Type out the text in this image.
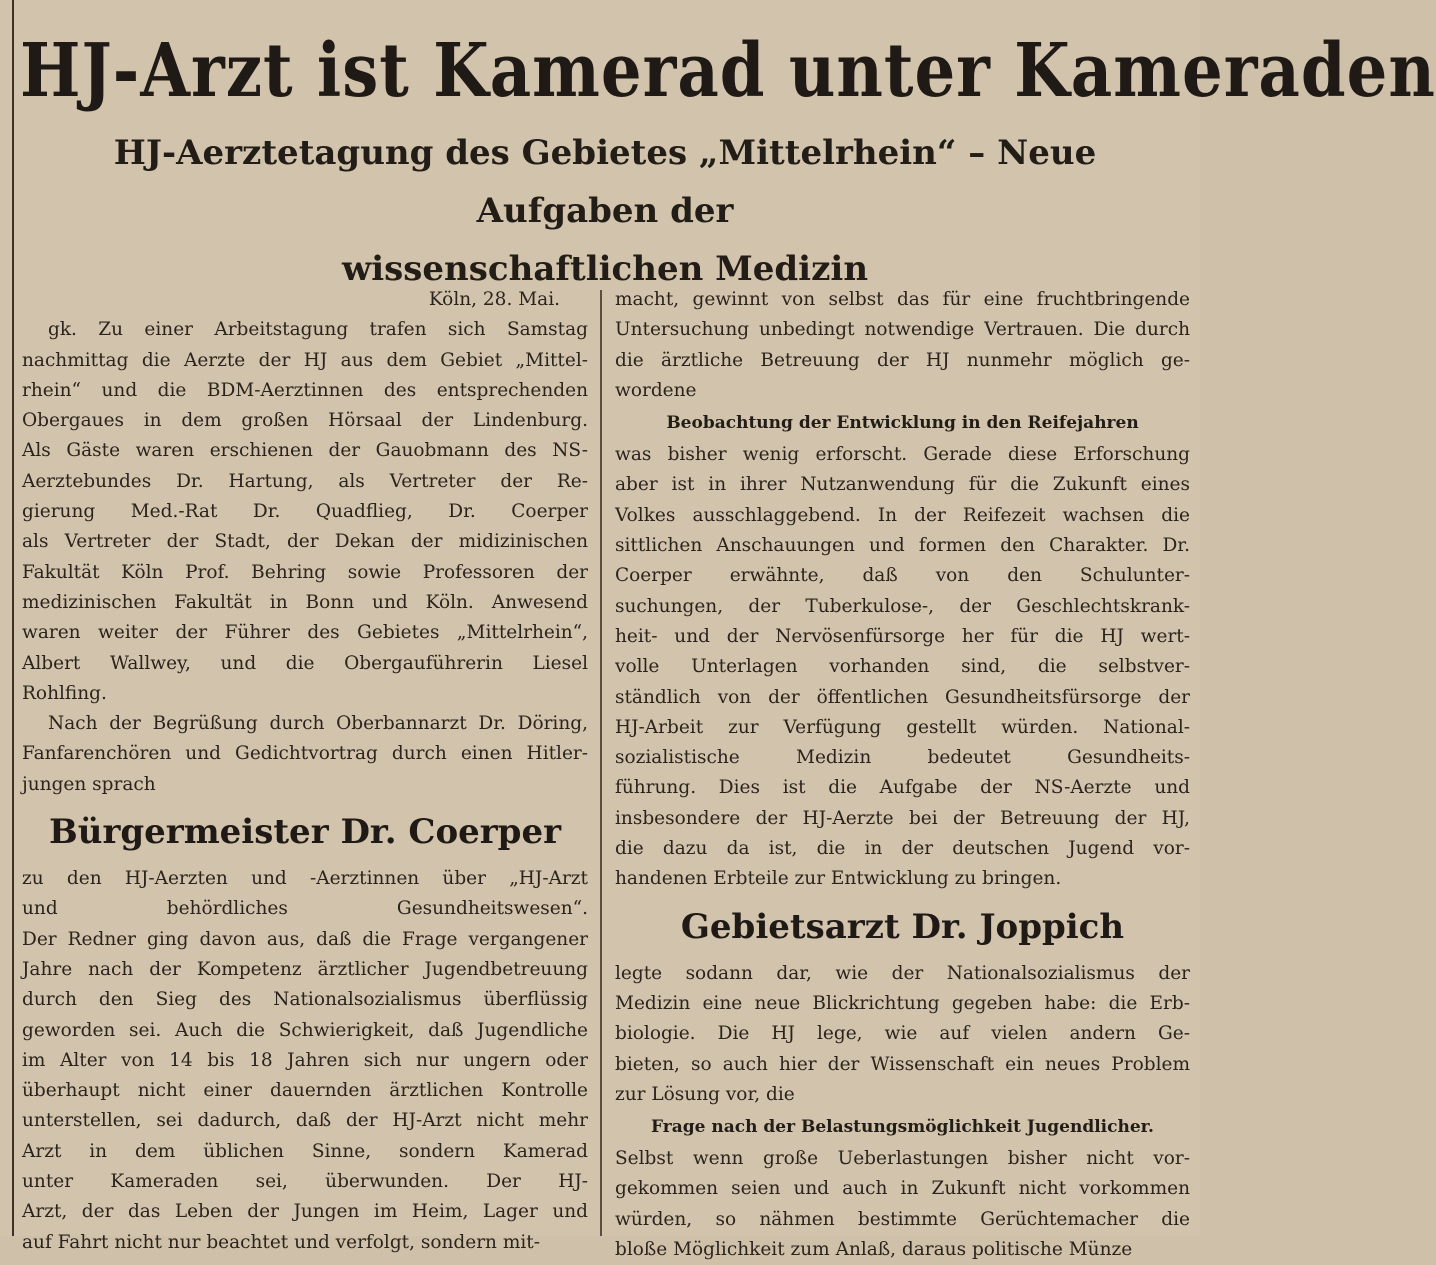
HJ-Arzt ist Kamerad unter Kameraden
HJ-Aerztetagung des Gebietes „Mittelrhein“ – Neue Aufgaben der
wissenschaftlichen Medizin
Köln, 28. Mai.
gk. Zu einer Arbeitstagung trafen sich Samstag
nachmittag die Aerzte der HJ aus dem Gebiet „Mittel-
rhein“ und die BDM-Aerztinnen des entsprechenden
Obergaues in dem großen Hörsaal der Lindenburg.
Als Gäste waren erschienen der Gauobmann des NS-
Aerztebundes Dr. Hartung, als Vertreter der Re-
gierung Med.-Rat Dr. Quadflieg, Dr. Coerper
als Vertreter der Stadt, der Dekan der midizinischen
Fakultät Köln Prof. Behring sowie Professoren der
medizinischen Fakultät in Bonn und Köln. Anwesend
waren weiter der Führer des Gebietes „Mittelrhein“,
Albert Wallwey, und die Obergauführerin Liesel
Rohlfing.
Nach der Begrüßung durch Oberbannarzt Dr. Döring,
Fanfarenchören und Gedichtvortrag durch einen Hitler-
jungen sprach
Bürgermeister Dr. Coerper
zu den HJ-Aerzten und -Aerztinnen über „HJ-Arzt
und behördliches Gesundheitswesen“.
Der Redner ging davon aus, daß die Frage vergangener
Jahre nach der Kompetenz ärztlicher Jugendbetreuung
durch den Sieg des Nationalsozialismus überflüssig
geworden sei. Auch die Schwierigkeit, daß Jugendliche
im Alter von 14 bis 18 Jahren sich nur ungern oder
überhaupt nicht einer dauernden ärztlichen Kontrolle
unterstellen, sei dadurch, daß der HJ-Arzt nicht mehr
Arzt in dem üblichen Sinne, sondern Kamerad
unter Kameraden sei, überwunden. Der HJ-
Arzt, der das Leben der Jungen im Heim, Lager und
auf Fahrt nicht nur beachtet und verfolgt, sondern mit-
macht, gewinnt von selbst das für eine fruchtbringende
Untersuchung unbedingt notwendige Vertrauen. Die durch
die ärztliche Betreuung der HJ nunmehr möglich ge-
wordene
Beobachtung der Entwicklung in den Reifejahren
was bisher wenig erforscht. Gerade diese Erforschung
aber ist in ihrer Nutzanwendung für die Zukunft eines
Volkes ausschlaggebend. In der Reifezeit wachsen die
sittlichen Anschauungen und formen den Charakter. Dr.
Coerper erwähnte, daß von den Schulunter-
suchungen, der Tuberkulose-, der Geschlechtskrank-
heit- und der Nervösenfürsorge her für die HJ wert-
volle Unterlagen vorhanden sind, die selbstver-
ständlich von der öffentlichen Gesundheitsfürsorge der
HJ-Arbeit zur Verfügung gestellt würden. National-
sozialistische Medizin bedeutet Gesundheits-
führung. Dies ist die Aufgabe der NS-Aerzte und
insbesondere der HJ-Aerzte bei der Betreuung der HJ,
die dazu da ist, die in der deutschen Jugend vor-
handenen Erbteile zur Entwicklung zu bringen.
Gebietsarzt Dr. Joppich
legte sodann dar, wie der Nationalsozialismus der
Medizin eine neue Blickrichtung gegeben habe: die Erb-
biologie. Die HJ lege, wie auf vielen andern Ge-
bieten, so auch hier der Wissenschaft ein neues Problem
zur Lösung vor, die
Frage nach der Belastungsmöglichkeit Jugendlicher.
Selbst wenn große Ueberlastungen bisher nicht vor-
gekommen seien und auch in Zukunft nicht vorkommen
würden, so nähmen bestimmte Gerüchtemacher die
bloße Möglichkeit zum Anlaß, daraus politische Münze
